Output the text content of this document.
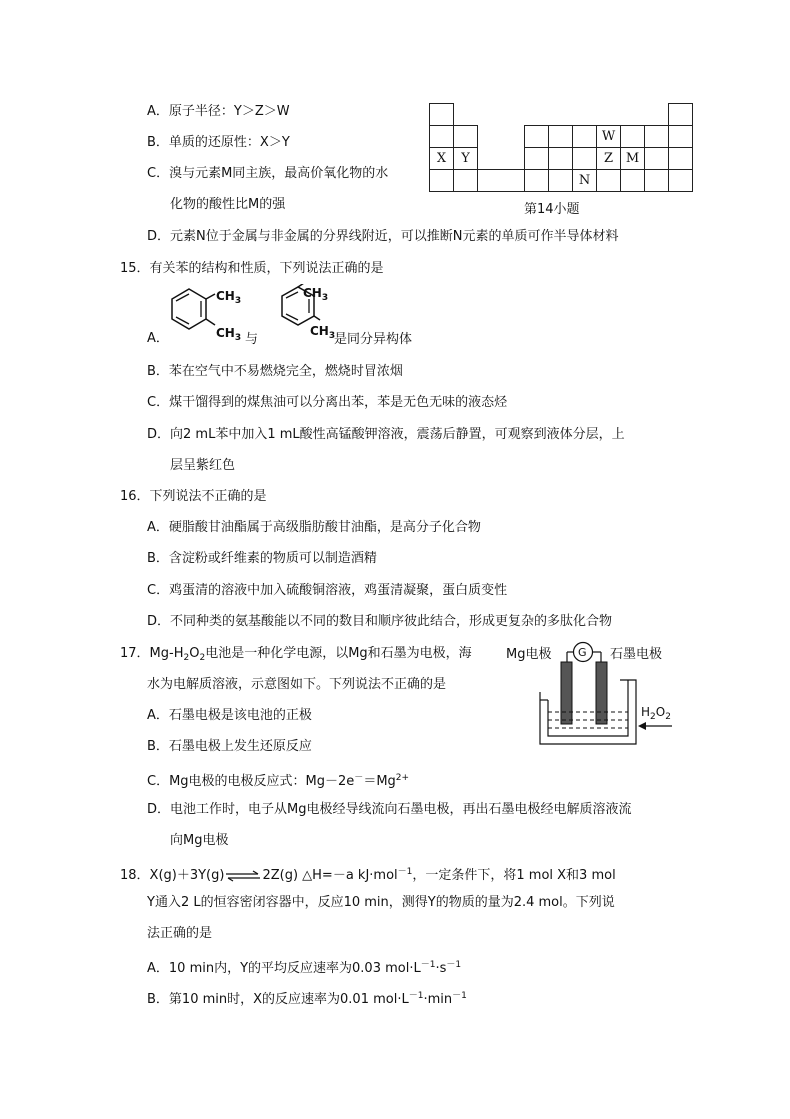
A．原子半径：Y＞Z＞W
B．单质的还原性：X＞Y
C．溴与元素M同主族，最高价氧化物的水
化物的酸性比M的强
D．元素N位于金属与非金属的分界线附近，可以推断N元素的单质可作半导体材料

							W			
X	Y						Z	M		
						N				
第14小题
15．有关苯的结构和性质，下列说法正确的是
A．
$CH_3$
$CH_3$ 与
$CH_3$
$CH_3$
是同分异构体
B．苯在空气中不易燃烧完全，燃烧时冒浓烟
C．煤干馏得到的煤焦油可以分离出苯，苯是无色无味的液态烃
D．向2 mL苯中加入1 mL酸性高锰酸钾溶液，震荡后静置，可观察到液体分层，上
层呈紫红色
16．下列说法不正确的是
A．硬脂酸甘油酯属于高级脂肪酸甘油酯，是高分子化合物
B．含淀粉或纤维素的物质可以制造酒精
C．鸡蛋清的溶液中加入硫酸铜溶液，鸡蛋清凝聚，蛋白质变性
D．不同种类的氨基酸能以不同的数目和顺序彼此结合，形成更复杂的多肽化合物
17．$Mg-H_2O_2$电池是一种化学电源，以Mg和石墨为电极，海
水为电解质溶液，示意图如下。下列说法不正确的是
A．石墨电极是该电池的正极
B．石墨电极上发生还原反应
C．Mg电极的电极反应式：$Mg-2e^-=Mg^{2+}$
D．电池工作时，电子从Mg电极经导线流向石墨电极，再出石墨电极经电解质溶液流
向Mg电极
Mg电极	石墨电极
G
$H_2O_2$
18．X(g)＋3Y(g)⇌2Z(g) △H=－a kJ·mol$^{-1}$，一定条件下，将1 mol X和3 mol
Y通入2 L的恒容密闭容器中，反应10 min，测得Y的物质的量为2.4 mol。下列说
法正确的是
A．10 min内，Y的平均反应速率为0.03 $mol\cdot L^{-1}\cdot s^{-1}$
B．第10 min时，X的反应速率为0.01 $mol\cdot L^{-1}\cdot\min^{-1}$
